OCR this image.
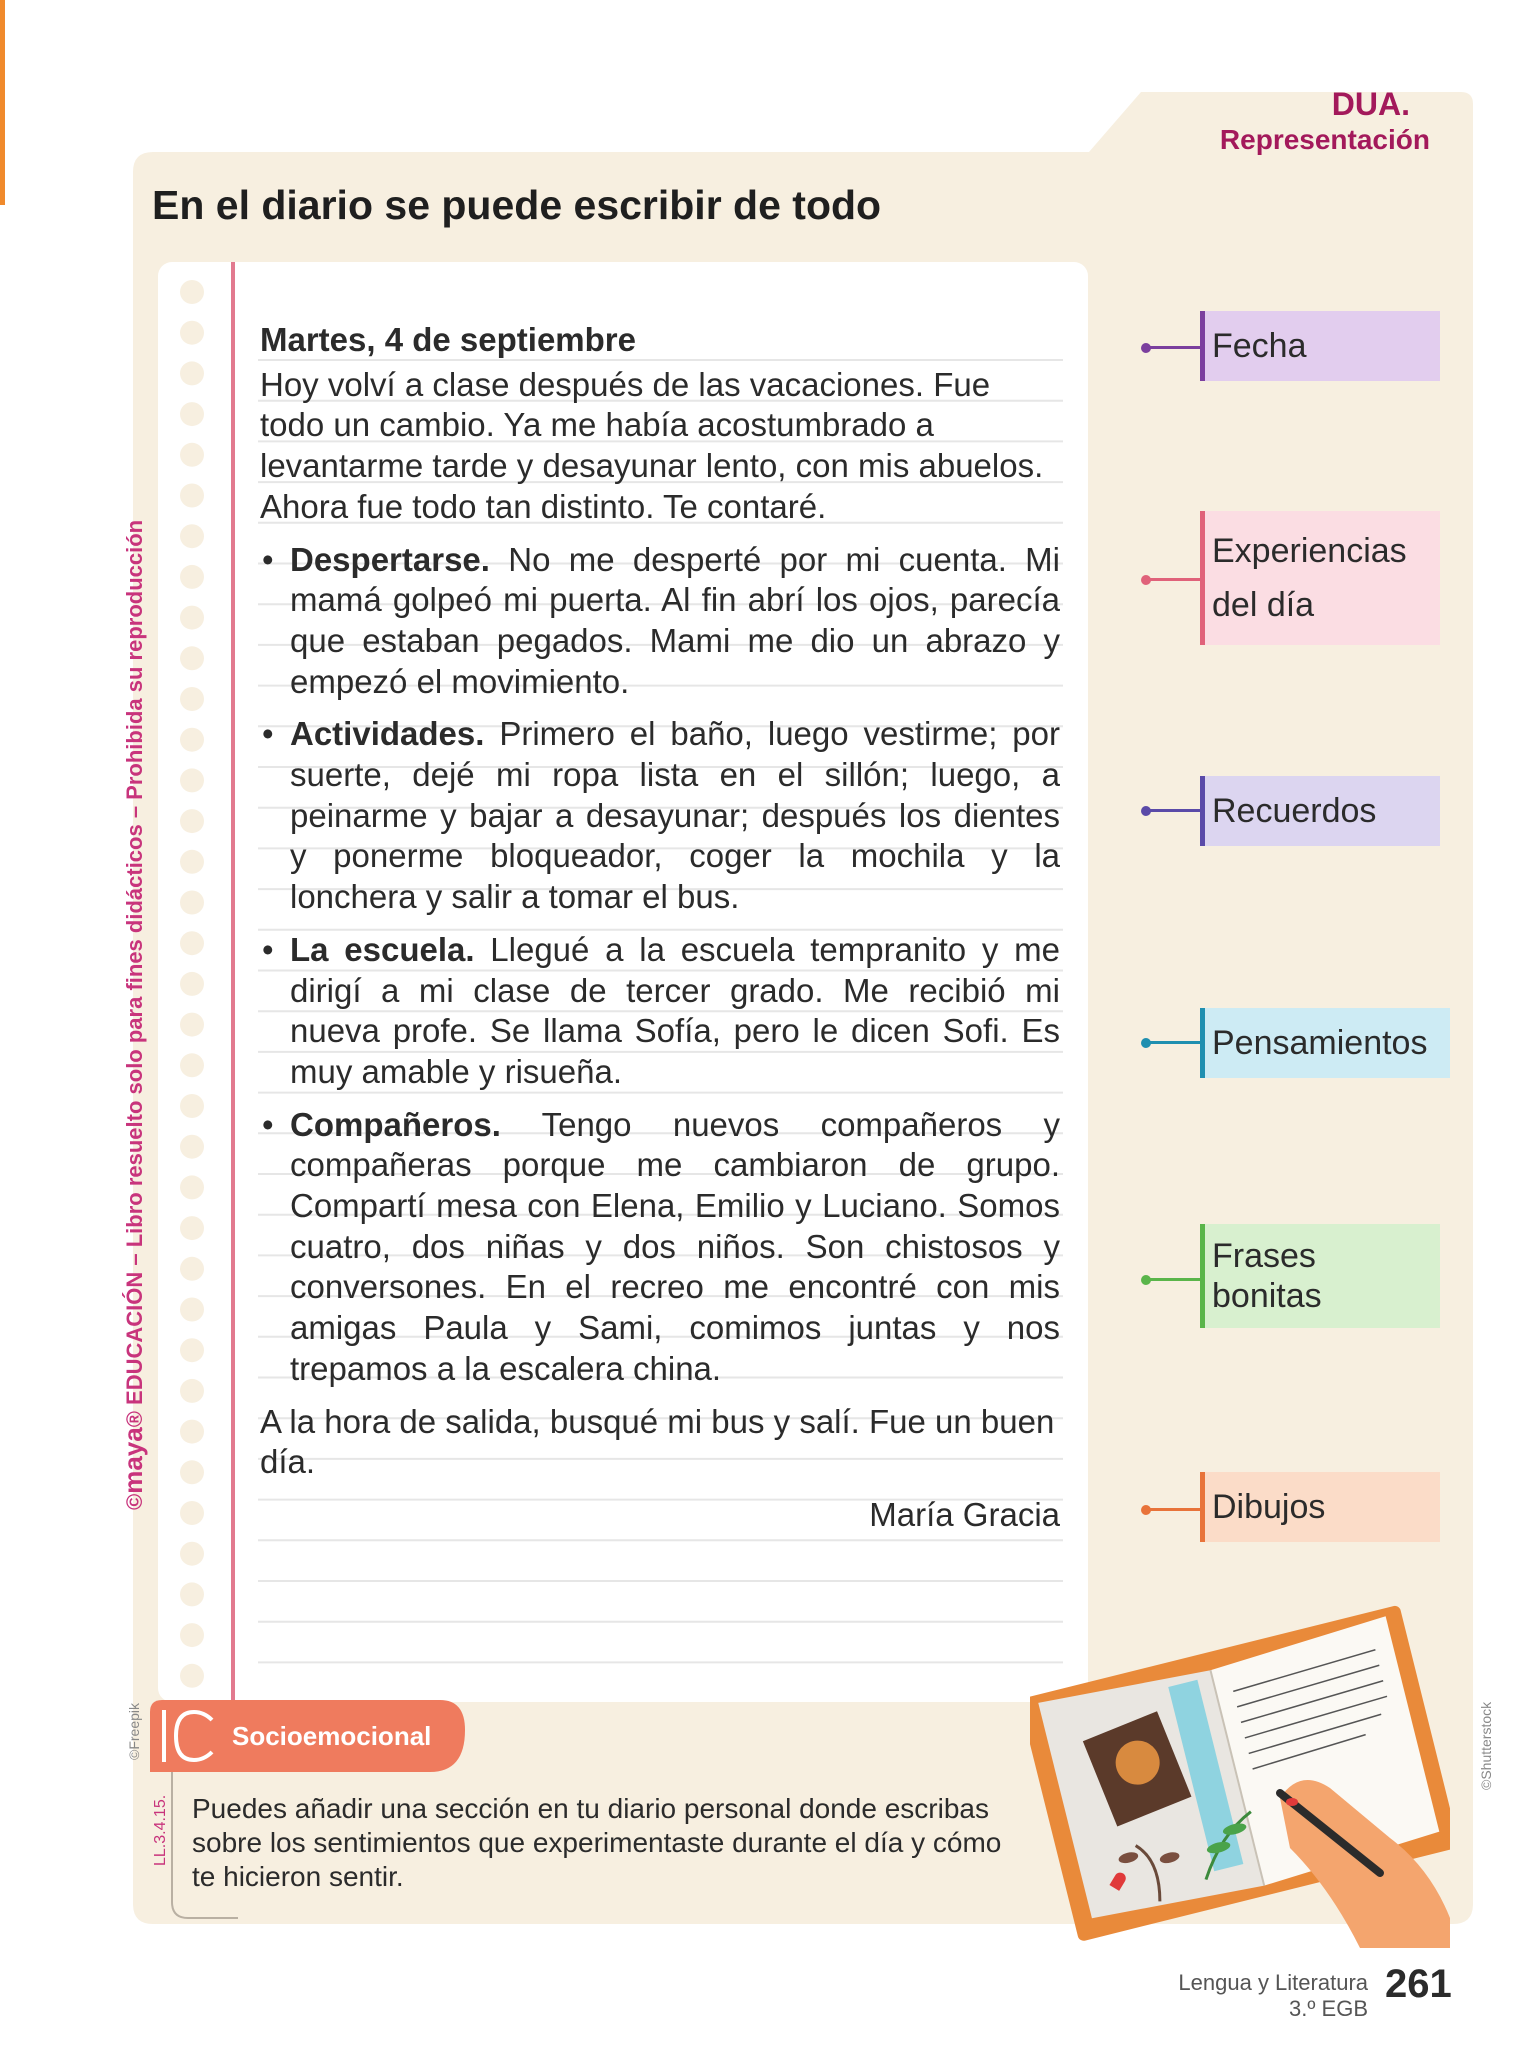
DUA.
Representación
En el diario se puede escribir de todo
©maya® EDUCACIÓN – Libro resuelto solo para fines didácticos – Prohibida su reproducción
©Freepik	©Shutterstock
Martes, 4 de septiembre

Hoy volví a clase después de las vacaciones. Fue todo un cambio. Ya me había acostumbrado a levantarme tarde y desayunar lento, con mis abuelos. Ahora fue todo tan distinto. Te contaré.

• Despertarse. No me desperté por mi cuenta. Mi mamá golpeó mi puerta. Al fin abrí los ojos, parecía que estaban pegados. Mami me dio un abrazo y empezó el movimiento.
• Actividades. Primero el baño, luego vestirme; por suerte, dejé mi ropa lista en el sillón; luego, a peinarme y bajar a desayunar; después los dientes y ponerme bloqueador, coger la mochila y la lonchera y salir a tomar el bus.
• La escuela. Llegué a la escuela tempranito y me dirigí a mi clase de tercer grado. Me recibió mi nueva profe. Se llama Sofía, pero le dicen Sofi. Es muy amable y risueña.
• Compañeros. Tengo nuevos compañeros y compañeras porque me cambiaron de grupo. Compartí mesa con Elena, Emilio y Luciano. Somos cuatro, dos niñas y dos niños. Son chistosos y conversones. En el recreo me encontré con mis amigas Paula y Sami, comimos juntas y nos trepamos a la escalera china.

A la hora de salida, busqué mi bus y salí. Fue un buen día.

María Gracia

Fecha
Experiencias del día
Recuerdos
Pensamientos
Frases bonitas
Dibujos
Socioemocional
LL.3.4.15. Puedes añadir una sección en tu diario personal donde escribas sobre los sentimientos que experimentaste durante el día y cómo te hicieron sentir.
Lengua y Literatura
3.º EGB
261
